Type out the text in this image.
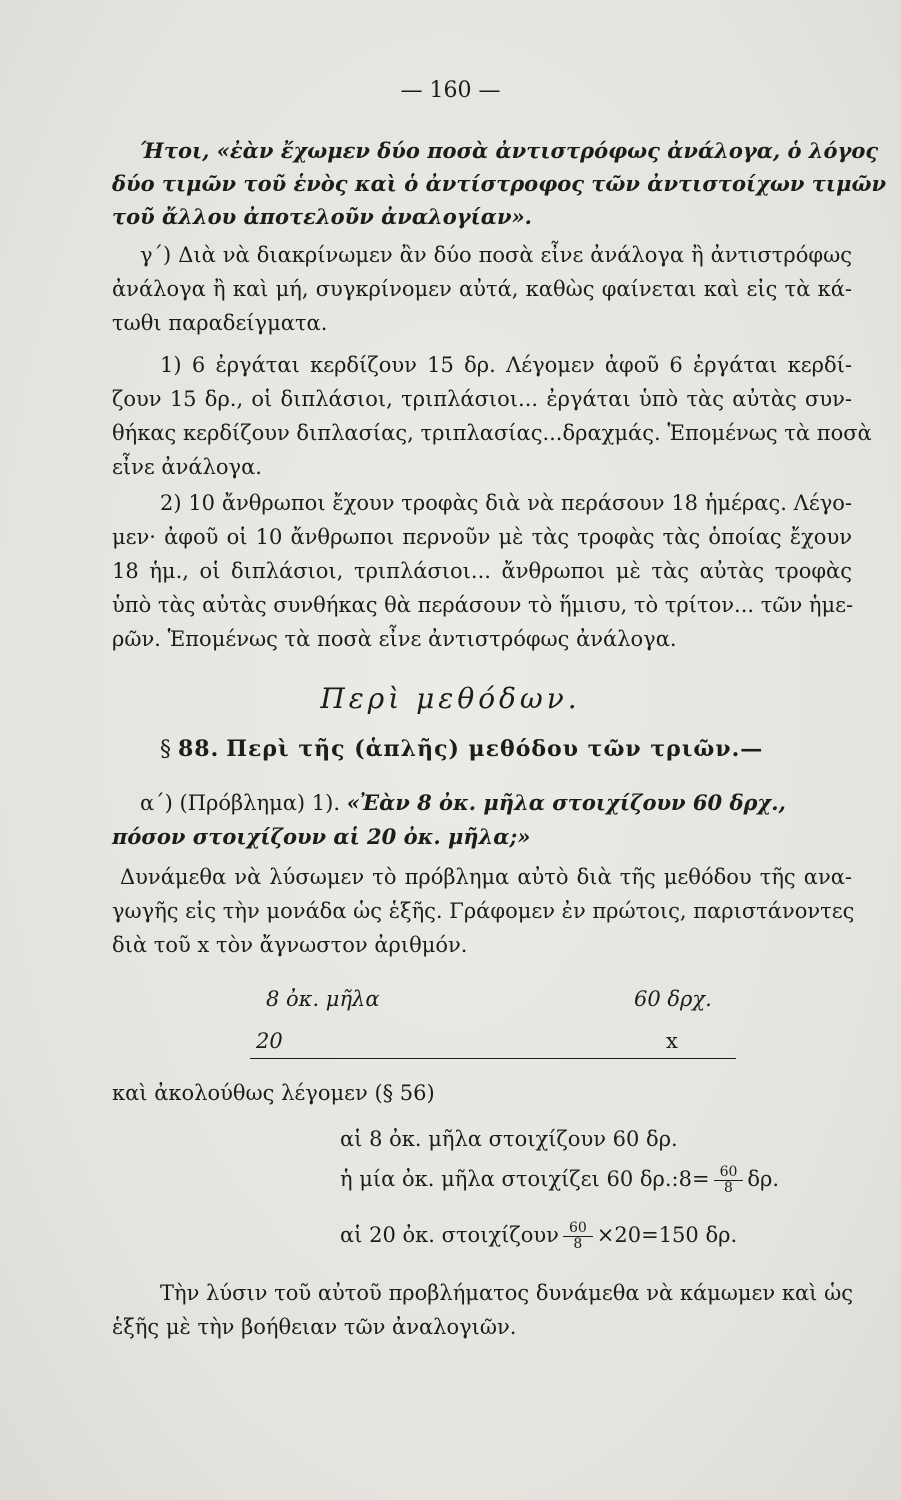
— 160 —
Ήτοι, «ἐὰν ἔχωμεν δύο ποσὰ ἀντιστρόφως ἀνάλογα, ὁ λόγος
δύο τιμῶν τοῦ ἑνὸς καὶ ὁ ἀντίστροφος τῶν ἀντιστοίχων τιμῶν
τοῦ ἄλλου ἀποτελοῦν ἀναλογίαν».
γ΄) Διὰ νὰ διακρίνωμεν ἂν δύο ποσὰ εἶνε ἀνάλογα ἢ ἀντιστρόφως
ἀνάλογα ἢ καὶ μή, συγκρίνομεν αὐτά, καθὼς φαίνεται καὶ εἰς τὰ κά-
τωθι παραδείγματα.
1) 6 ἐργάται κερδίζουν 15 δρ. Λέγομεν ἀφοῦ 6 ἐργάται κερδί-
ζουν 15 δρ., οἱ διπλάσιοι, τριπλάσιοι... ἐργάται ὑπὸ τὰς αὐτὰς συν-
θήκας κερδίζουν διπλασίας, τριπλασίας...δραχμάς. Ἑπομένως τὰ ποσὰ
εἶνε ἀνάλογα.
2) 10 ἄνθρωποι ἔχουν τροφὰς διὰ νὰ περάσουν 18 ἡμέρας. Λέγο-
μεν· ἀφοῦ οἱ 10 ἄνθρωποι περνοῦν μὲ τὰς τροφὰς τὰς ὁποίας ἔχουν
18 ἡμ., οἱ διπλάσιοι, τριπλάσιοι... ἄνθρωποι μὲ τὰς αὐτὰς τροφὰς
ὑπὸ τὰς αὐτὰς συνθήκας θὰ περάσουν τὸ ἥμισυ, τὸ τρίτον... τῶν ἡμε-
ρῶν. Ἑπομένως τὰ ποσὰ εἶνε ἀντιστρόφως ἀνάλογα.
Περὶ μεθόδων.
§ 88. Περὶ τῆς (ἁπλῆς) μεθόδου τῶν τριῶν.—
α΄) (Πρόβλημα) 1). «Ἐὰν 8 ὀκ. μῆλα στοιχίζουν 60 δρχ.,
πόσον στοιχίζουν αἱ 20 ὀκ. μῆλα;»
Δυνάμεθα νὰ λύσωμεν τὸ πρόβλημα αὐτὸ διὰ τῆς μεθόδου τῆς ανα-
γωγῆς εἰς τὴν μονάδα ὡς ἑξῆς. Γράφομεν ἐν πρώτοις, παριστάνοντες
διὰ τοῦ x τὸν ἄγνωστον ἀριθμόν.
8 ὀκ. μῆλα	60 δρχ.
20	x
καὶ ἀκολούθως λέγομεν (§ 56)
αἱ 8 ὀκ. μῆλα στοιχίζουν 60 δρ.
ἡ μία ὀκ. μῆλα στοιχίζει 60 δρ.:8= $\frac{60}{8} \delta\rho$.
αἱ 20 ὀκ. στοιχίζουν $\frac{60}{8} \times 20=150$ δρ.
Τὴν λύσιν τοῦ αὐτοῦ προβλήματος δυνάμεθα νὰ κάμωμεν καὶ ὡς
ἑξῆς μὲ τὴν βοήθειαν τῶν ἀναλογιῶν.
